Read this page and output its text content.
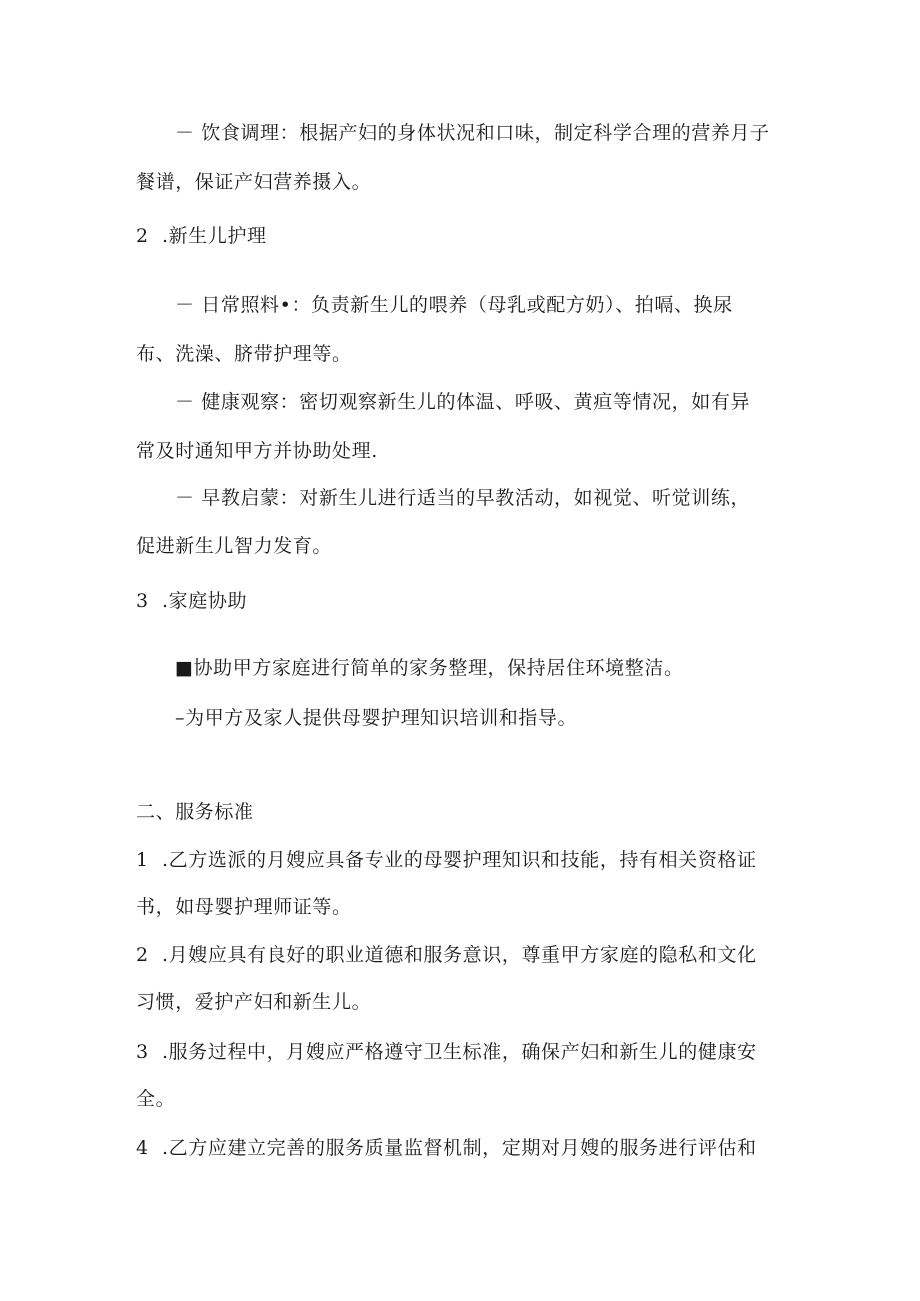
－ 饮食调理：根据产妇的身体状况和口味，制定科学合理的营养月子
餐谱，保证产妇营养摄入。
2 .新生儿护理
－ 日常照料•：负责新生儿的喂养（母乳或配方奶）、拍嗝、换尿
布、洗澡、脐带护理等。
－ 健康观察：密切观察新生儿的体温、呼吸、黄疸等情况，如有异
常及时通知甲方并协助处理.
－ 早教启蒙：对新生儿进行适当的早教活动，如视觉、听觉训练，
促进新生儿智力发育。
3 .家庭协助
■协助甲方家庭进行简单的家务整理，保持居住环境整洁。
–为甲方及家人提供母婴护理知识培训和指导。
二、服务标准
1 .乙方选派的月嫂应具备专业的母婴护理知识和技能，持有相关资格证
书，如母婴护理师证等。
2 .月嫂应具有良好的职业道德和服务意识，尊重甲方家庭的隐私和文化
习惯，爱护产妇和新生儿。
3 .服务过程中，月嫂应严格遵守卫生标准，确保产妇和新生儿的健康安
全。
4 .乙方应建立完善的服务质量监督机制，定期对月嫂的服务进行评估和
